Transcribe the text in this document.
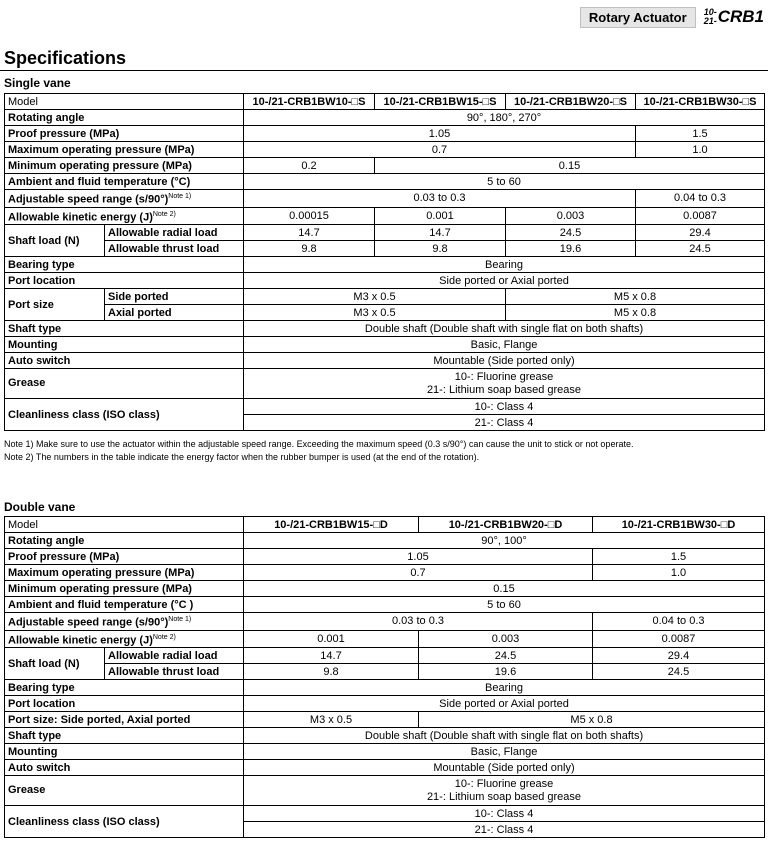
Rotary Actuator	10-
21- CRB1
Specifications
Single vane
Model		10-/21-CRB1BW10-□S	10-/21-CRB1BW15-□S	10-/21-CRB1BW20-□S	10-/21-CRB1BW30-□S
Rotating angle		90°, 180°, 270°			
Proof pressure (MPa)		1.05			1.5
Maximum operating pressure (MPa)		0.7			1.0
Minimum operating pressure (MPa)		0.2	0.15		
Ambient and fluid temperature (°C)		5 to 60			
Adjustable speed range $(s/90^\circ)^{Note 1)}$		0.03 to 0.3			0.04 to 0.3
Allowable kinetic energy $(J)^{Note 2)}$		0.00015	0.001	0.003	0.0087
Shaft load (N)	Allowable radial load	14.7	14.7	24.5	29.4
	Allowable thrust load	9.8	9.8	19.6	24.5
Bearing type		Bearing			
Port location		Side ported or Axial ported			
Port size	Side ported	M3 x 0.5		M5 x 0.8	
	Axial ported	M3 x 0.5		M5 x 0.8	
Shaft type		Double shaft (Double shaft with single flat on both shafts)			
Mounting		Basic, Flange			
Auto switch		Mountable (Side ported only)			
Grease		10-: Fluorine grease
21-: Lithium soap based grease			

Cleanliness class (ISO class)		10-: Class 4			
		21-: Class 4			
Note 1) Make sure to use the actuator within the adjustable speed range. Exceeding the maximum speed (0.3 s/90°) can cause the unit to stick or not operate.
Note 2) The numbers in the table indicate the energy factor when the rubber bumper is used (at the end of the rotation).
Double vane
Model		10-/21-CRB1BW15-□D	10-/21-CRB1BW20-□D	10-/21-CRB1BW30-□D
Rotating angle		90°, 100°		
Proof pressure (MPa)		1.05		1.5
Maximum operating pressure (MPa)		0.7		1.0
Minimum operating pressure (MPa)		0.15		
Ambient and fluid temperature (°C )		5 to 60		
Adjustable speed range $(s/90^\circ)^{Note 1)}$		0.03 to 0.3		0.04 to 0.3
Allowable kinetic energy $(J)^{Note 2)}$		0.001	0.003	0.0087
Shaft load (N)	Allowable radial load	14.7	24.5	29.4
	Allowable thrust load	9.8	19.6	24.5
Bearing type		Bearing		
Port location		Side ported or Axial ported		
Port size: Side ported, Axial ported		M3 x 0.5	M5 x 0.8	
Shaft type		Double shaft (Double shaft with single flat on both shafts)		
Mounting		Basic, Flange		
Auto switch		Mountable (Side ported only)		
Grease		10-: Fluorine grease
21-: Lithium soap based grease		

Cleanliness class (ISO class)		10-: Class 4		
		21-: Class 4		
